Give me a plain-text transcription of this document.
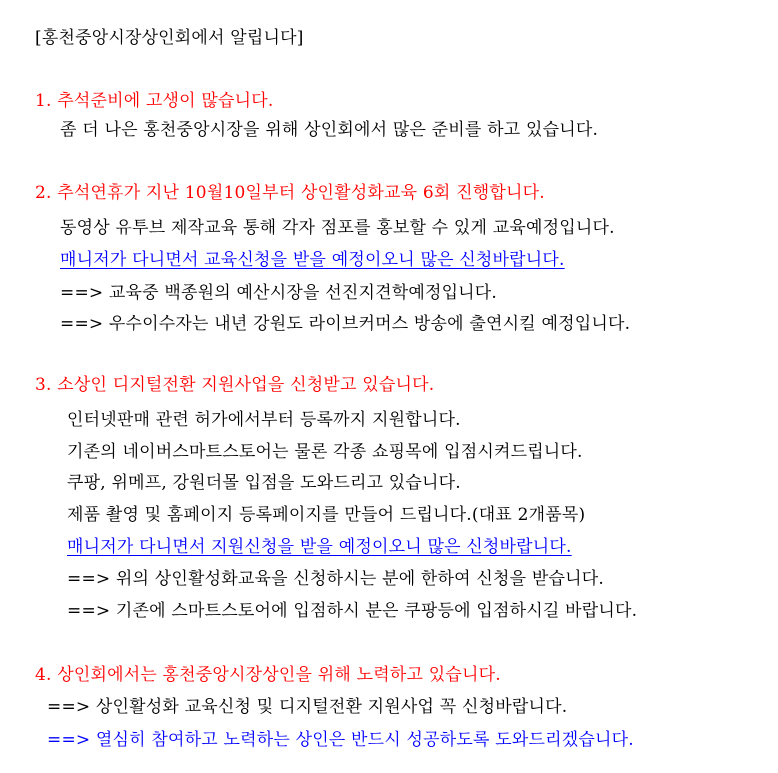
[홍천중앙시장상인회에서 알립니다]
1. 추석준비에 고생이 많습니다.
좀 더 나은 홍천중앙시장을 위해 상인회에서 많은 준비를 하고 있습니다.
2. 추석연휴가 지난 10월10일부터 상인활성화교육 6회 진행합니다.
동영상 유투브 제작교육 통해 각자 점포를 홍보할 수 있게 교육예정입니다.
매니저가 다니면서 교육신청을 받을 예정이오니 많은 신청바랍니다.
==> 교육중 백종원의 예산시장을 선진지견학예정입니다.
==> 우수이수자는 내년 강원도 라이브커머스 방송에 출연시킬 예정입니다.
3. 소상인 디지털전환 지원사업을 신청받고 있습니다.
인터넷판매 관련 허가에서부터 등록까지 지원합니다.
기존의 네이버스마트스토어는 물론 각종 쇼핑목에 입점시켜드립니다.
쿠팡, 위메프, 강원더몰 입점을 도와드리고 있습니다.
제품 촬영 및 홈페이지 등록페이지를 만들어 드립니다.(대표 2개품목)
매니저가 다니면서 지원신청을 받을 예정이오니 많은 신청바랍니다.
==> 위의 상인활성화교육을 신청하시는 분에 한하여 신청을 받습니다.
==> 기존에 스마트스토어에 입점하시 분은 쿠팡등에 입점하시길 바랍니다.
4. 상인회에서는 홍천중앙시장상인을 위해 노력하고 있습니다.
==> 상인활성화 교육신청 및 디지털전환 지원사업 꼭 신청바랍니다.
==> 열심히 참여하고 노력하는 상인은 반드시 성공하도록 도와드리겠습니다.
